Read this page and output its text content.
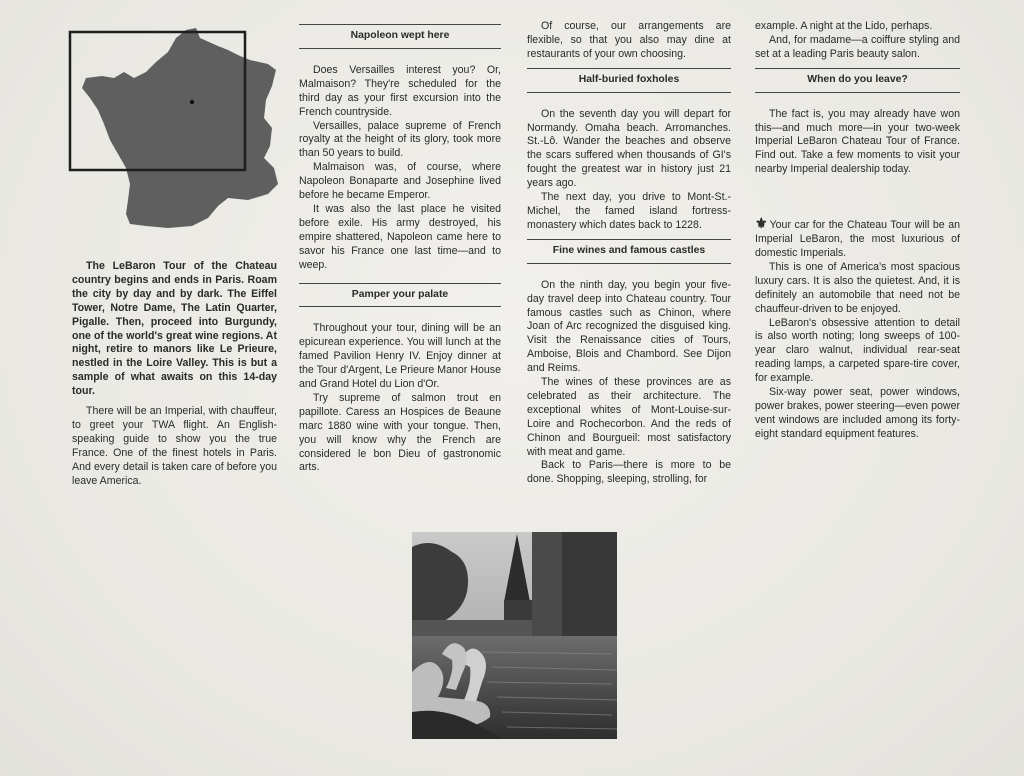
The LeBaron Tour of the Chateau country begins and ends in Paris. Roam the city by day and by dark. The Eiffel Tower, Notre Dame, The Latin Quarter, Pigalle. Then, proceed into Burgundy, one of the world's great wine regions. At night, retire to manors like Le Prieure, nestled in the Loire Valley. This is but a sample of what awaits on this 14-day tour.

There will be an Imperial, with chauffeur, to greet your TWA flight. An English-speaking guide to show you the true France. One of the finest hotels in Paris. And every detail is taken care of before you leave America.

Napoleon wept here

Does Versailles interest you? Or, Malmaison? They're scheduled for the third day as your first excursion into the French countryside.

Versailles, palace supreme of French royalty at the height of its glory, took more than 50 years to build.

Malmaison was, of course, where Napoleon Bonaparte and Josephine lived before he became Emperor.

It was also the last place he visited before exile. His army destroyed, his empire shattered, Napoleon came here to savor his France one last time—and to weep.

Pamper your palate

Throughout your tour, dining will be an epicurean experience. You will lunch at the famed Pavilion Henry IV. Enjoy dinner at the Tour d'Argent, Le Prieure Manor House and Grand Hotel du Lion d'Or.

Try supreme of salmon trout en papillote. Caress an Hospices de Beaune marc 1880 wine with your tongue. Then, you will know why the French are considered le bon Dieu of gastronomic arts.

Of course, our arrangements are flexible, so that you also may dine at restaurants of your own choosing.

Half-buried foxholes

On the seventh day you will depart for Normandy. Omaha beach. Arromanches. St.-Lô. Wander the beaches and observe the scars suffered when thousands of GI's fought the greatest war in history just 21 years ago.

The next day, you drive to Mont-St.-Michel, the famed island fortress-monastery which dates back to 1228.

Fine wines and famous castles

On the ninth day, you begin your five-day travel deep into Chateau country. Tour famous castles such as Chinon, where Joan of Arc recognized the disguised king. Visit the Renaissance cities of Tours, Amboise, Blois and Chambord. See Dijon and Reims.

The wines of these provinces are as celebrated as their architecture. The exceptional whites of Mont-Louise-sur-Loire and Rochecorbon. And the reds of Chinon and Bourgueil: most satisfactory with meat and game.

Back to Paris—there is more to be done. Shopping, sleeping, strolling, for

example. A night at the Lido, perhaps.

And, for madame—a coiffure styling and set at a leading Paris beauty salon.

When do you leave?

The fact is, you may already have won this—and much more—in your two-week Imperial LeBaron Chateau Tour of France. Find out. Take a few moments to visit your nearby Imperial dealership today.

⚜ Your car for the Chateau Tour will be an Imperial LeBaron, the most luxurious of domestic Imperials.

This is one of America's most spacious luxury cars. It is also the quietest. And, it is definitely an automobile that need not be chauffeur-driven to be enjoyed.

LeBaron's obsessive attention to detail is also worth noting; long sweeps of 100-year claro walnut, individual rear-seat reading lamps, a carpeted spare-tire cover, for example.

Six-way power seat, power windows, power brakes, power steering—even power vent windows are included among its forty-eight standard equipment features.
